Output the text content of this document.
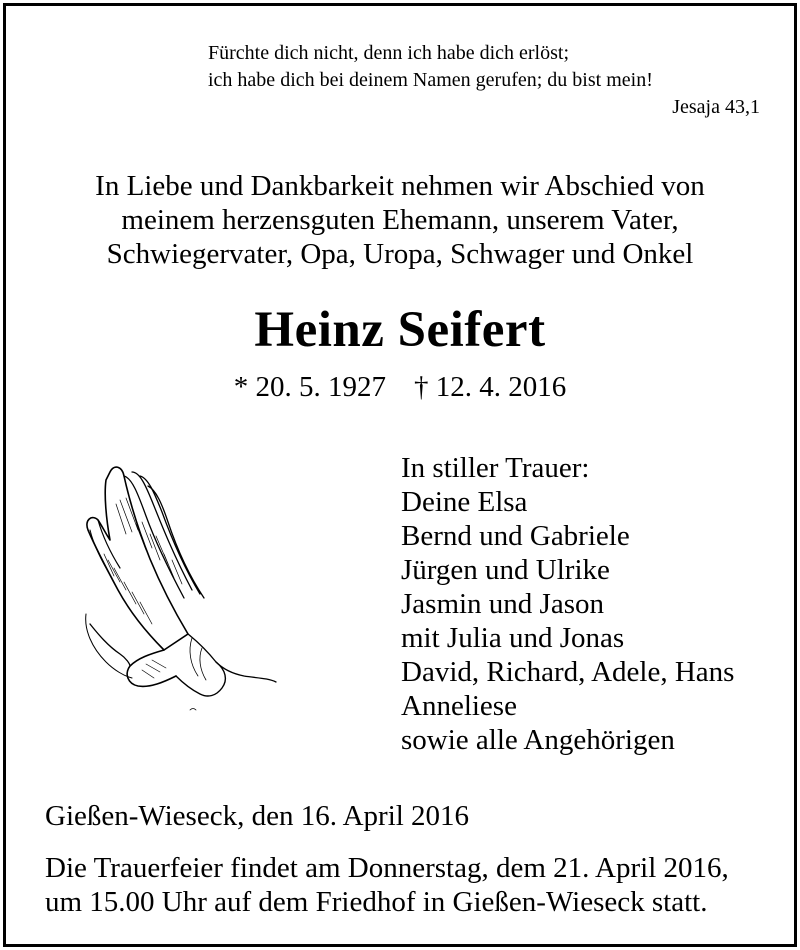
Fürchte dich nicht, denn ich habe dich erlöst;
ich habe dich bei deinem Namen gerufen; du bist mein!
Jesaja 43,1
In Liebe und Dankbarkeit nehmen wir Abschied von
meinem herzensguten Ehemann, unserem Vater,
Schwiegervater, Opa, Uropa, Schwager und Onkel
Heinz Seifert
* 20. 5. 1927 † 12. 4. 2016
In stiller Trauer:
Deine Elsa
Bernd und Gabriele
Jürgen und Ulrike
Jasmin und Jason
mit Julia und Jonas
David, Richard, Adele, Hans
Anneliese
sowie alle Angehörigen
Gießen-Wieseck, den 16. April 2016
Die Trauerfeier findet am Donnerstag, dem 21. April 2016,
um 15.00 Uhr auf dem Friedhof in Gießen-Wieseck statt.
